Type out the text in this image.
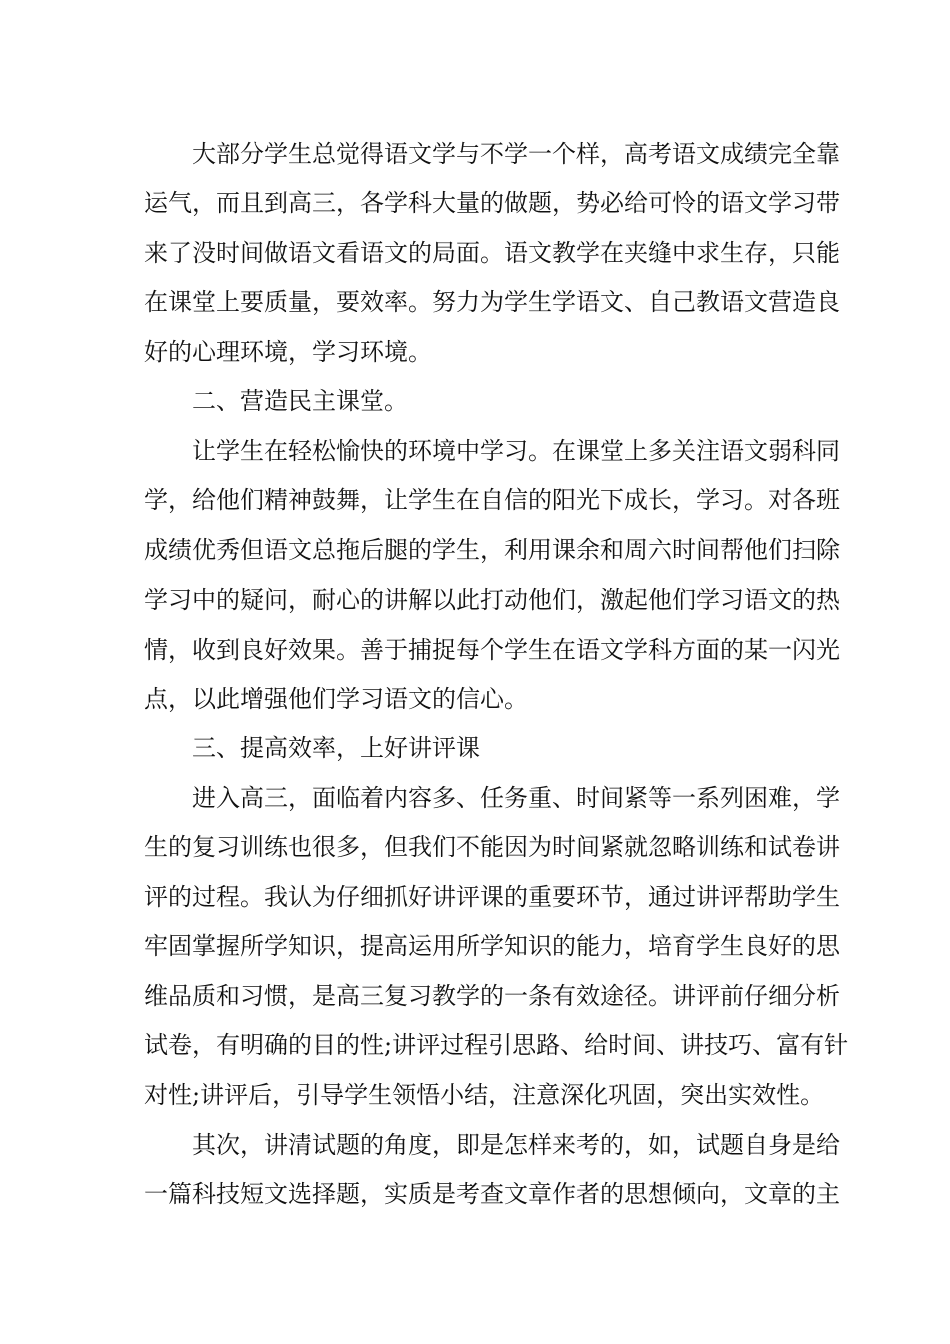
大部分学生总觉得语文学与不学一个样，高考语文成绩完全靠
运气，而且到高三，各学科大量的做题，势必给可怜的语文学习带
来了没时间做语文看语文的局面。语文教学在夹缝中求生存，只能
在课堂上要质量，要效率。努力为学生学语文、自己教语文营造良
好的心理环境，学习环境。
二、营造民主课堂。
让学生在轻松愉快的环境中学习。在课堂上多关注语文弱科同
学，给他们精神鼓舞，让学生在自信的阳光下成长，学习。对各班
成绩优秀但语文总拖后腿的学生，利用课余和周六时间帮他们扫除
学习中的疑问，耐心的讲解以此打动他们，激起他们学习语文的热
情，收到良好效果。善于捕捉每个学生在语文学科方面的某一闪光
点，以此增强他们学习语文的信心。
三、提高效率，上好讲评课
进入高三，面临着内容多、任务重、时间紧等一系列困难，学
生的复习训练也很多，但我们不能因为时间紧就忽略训练和试卷讲
评的过程。我认为仔细抓好讲评课的重要环节，通过讲评帮助学生
牢固掌握所学知识，提高运用所学知识的能力，培育学生良好的思
维品质和习惯，是高三复习教学的一条有效途径。讲评前仔细分析
试卷，有明确的目的性;讲评过程引思路、给时间、讲技巧、富有针
对性;讲评后，引导学生领悟小结，注意深化巩固，突出实效性。
其次，讲清试题的角度，即是怎样来考的，如，试题自身是给
一篇科技短文选择题，实质是考查文章作者的思想倾向，文章的主
